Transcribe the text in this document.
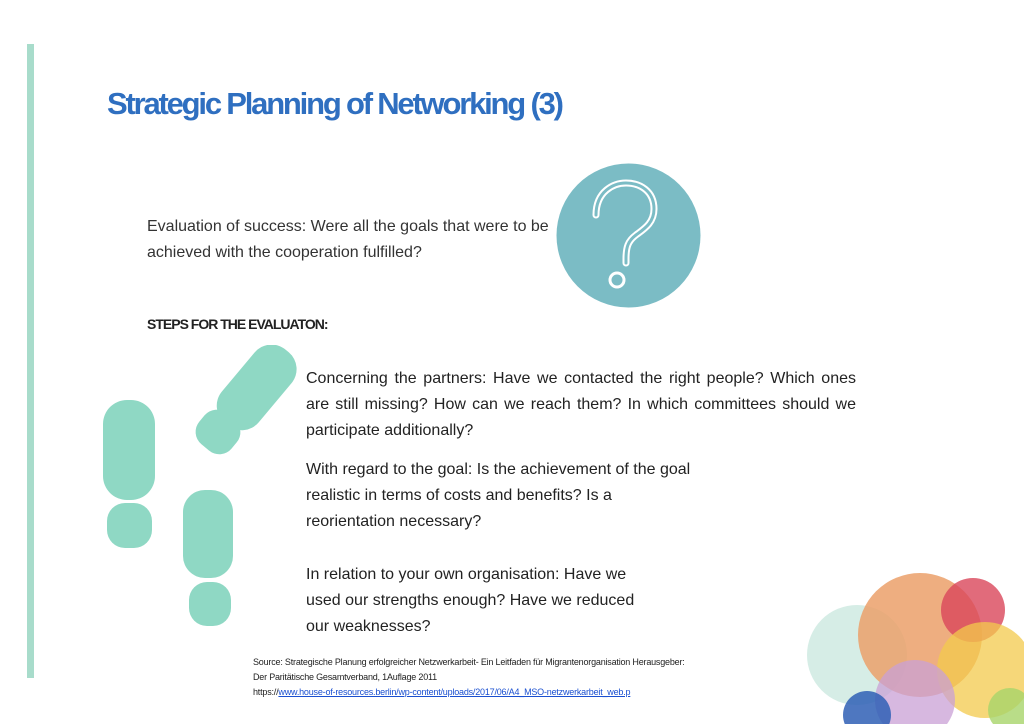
Strategic Planning of Networking (3)

Evaluation of success: Were all the goals that were to be achieved with the cooperation fulfilled?

STEPS FOR THE EVALUATON:

Concerning the partners: Have we contacted the right people? Which ones are still missing? How can we reach them? In which committees should we participate additionally?

With regard to the goal: Is the achievement of the goal realistic in terms of costs and benefits? Is a reorientation necessary?

In relation to your own organisation: Have we used our strengths enough? Have we reduced our weaknesses?

Source: Strategische Planung erfolgreicher Netzwerkarbeit- Ein Leitfaden für Migrantenorganisation Herausgeber:
Der Paritätische Gesamtverband, 1Auflage 2011
https://www.house-of-resources.berlin/wp-content/uploads/2017/06/A4_MSO-netzwerkarbeit_web.p
